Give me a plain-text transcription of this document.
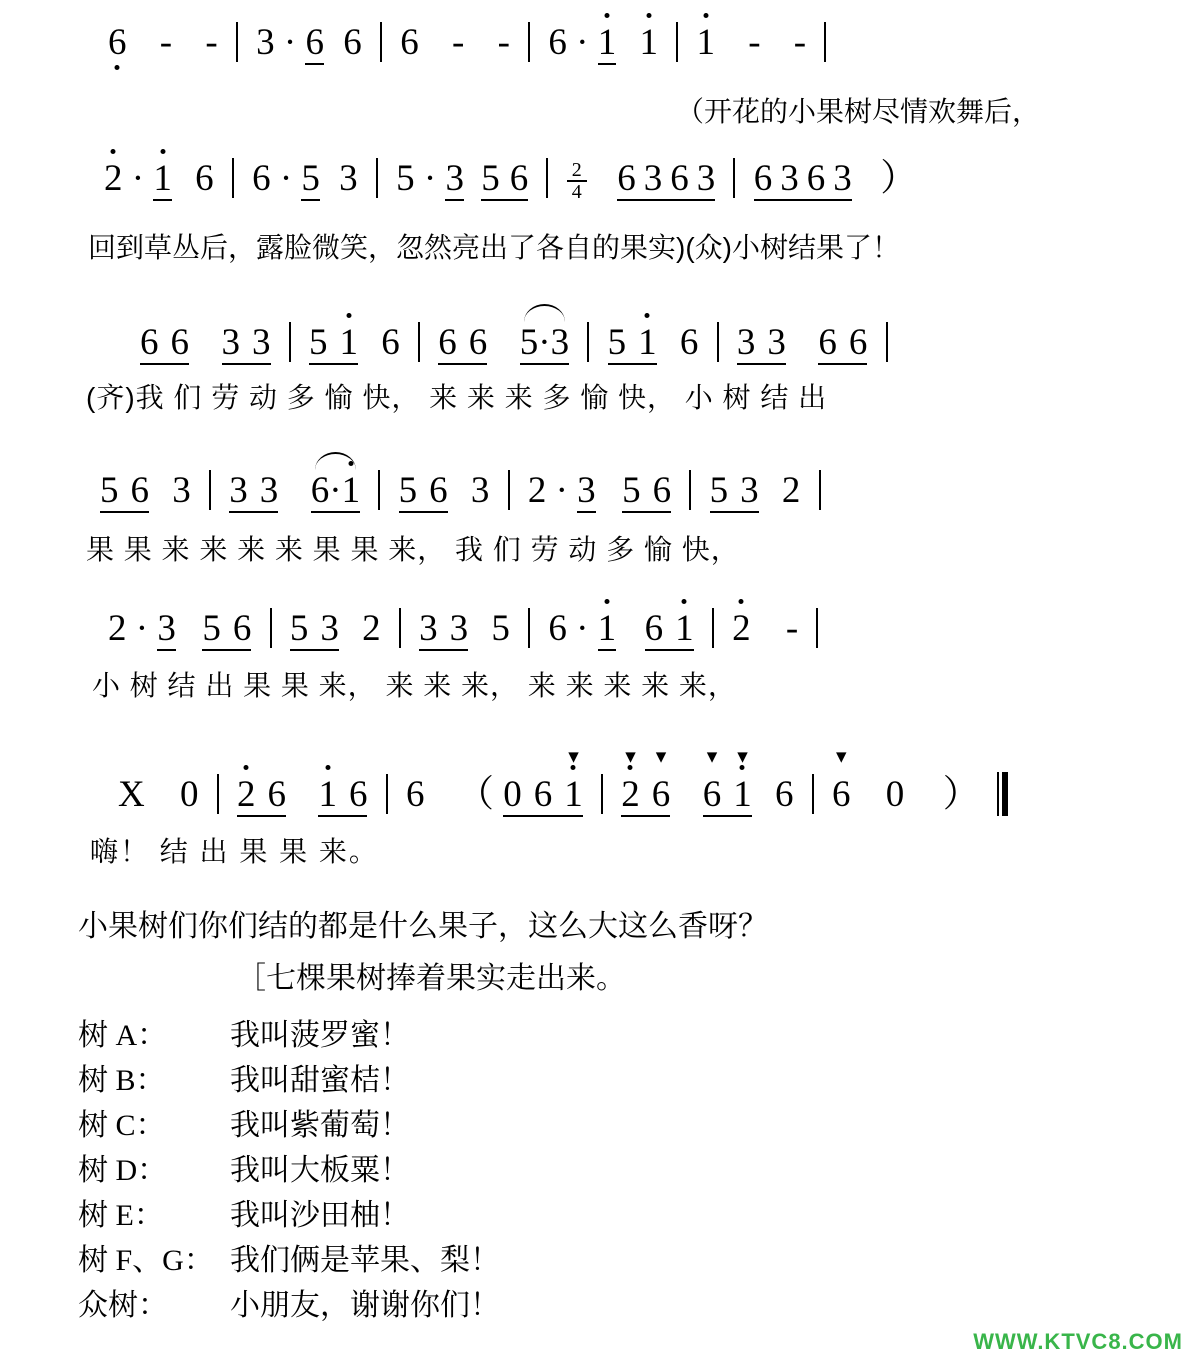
6 - - 3 · 6 6 6 - - 6 · 1 1 1 - -
（开花的小果树尽情欢舞后，
2 · 1 6 6 · 5 3 5 · 3 5 $6 \frac{2}{4} 6$ 3 6 3 6 3 6 3 ）
回到草丛后，露脸微笑，忽然亮出了各自的果实)(众)小树结果了！
6 6 3 3 5 1 6 6 6 5·3 5 1 6 3 3 6 6
(齐)我 们 劳 动 多 愉 快， 来 来 来 多 愉 快， 小 树 结 出
5 6 3 3 3 6·1 5 6 3 2 · 3 5 6 5 3 2
果 果 来 来 来 来 果 果 来， 我 们 劳 动 多 愉 快，
2 · 3 5 6 5 3 2 3 3 5 6 · 1 6 1 2 -
小 树 结 出 果 果 来， 来 来 来， 来 来 来 来 来，
X 0 2 6 1 6 6 （ 0 6 ▾ 1 ▾ 2 ▾ 6 ▾ 6 ▾ 1 6 ▾ 6 0 ）
嗨！ 结 出 果 果 来。
小果树们你们结的都是什么果子，这么大这么香呀？
［七棵果树捧着果实走出来。
树 A： 我叫菠罗蜜！
树 B： 我叫甜蜜桔！
树 C： 我叫紫葡萄！
树 D： 我叫大板粟！
树 E： 我叫沙田柚！
树 F、G： 我们俩是苹果、梨！
众树： 小朋友，谢谢你们！
WWW.KTVC8.COM
